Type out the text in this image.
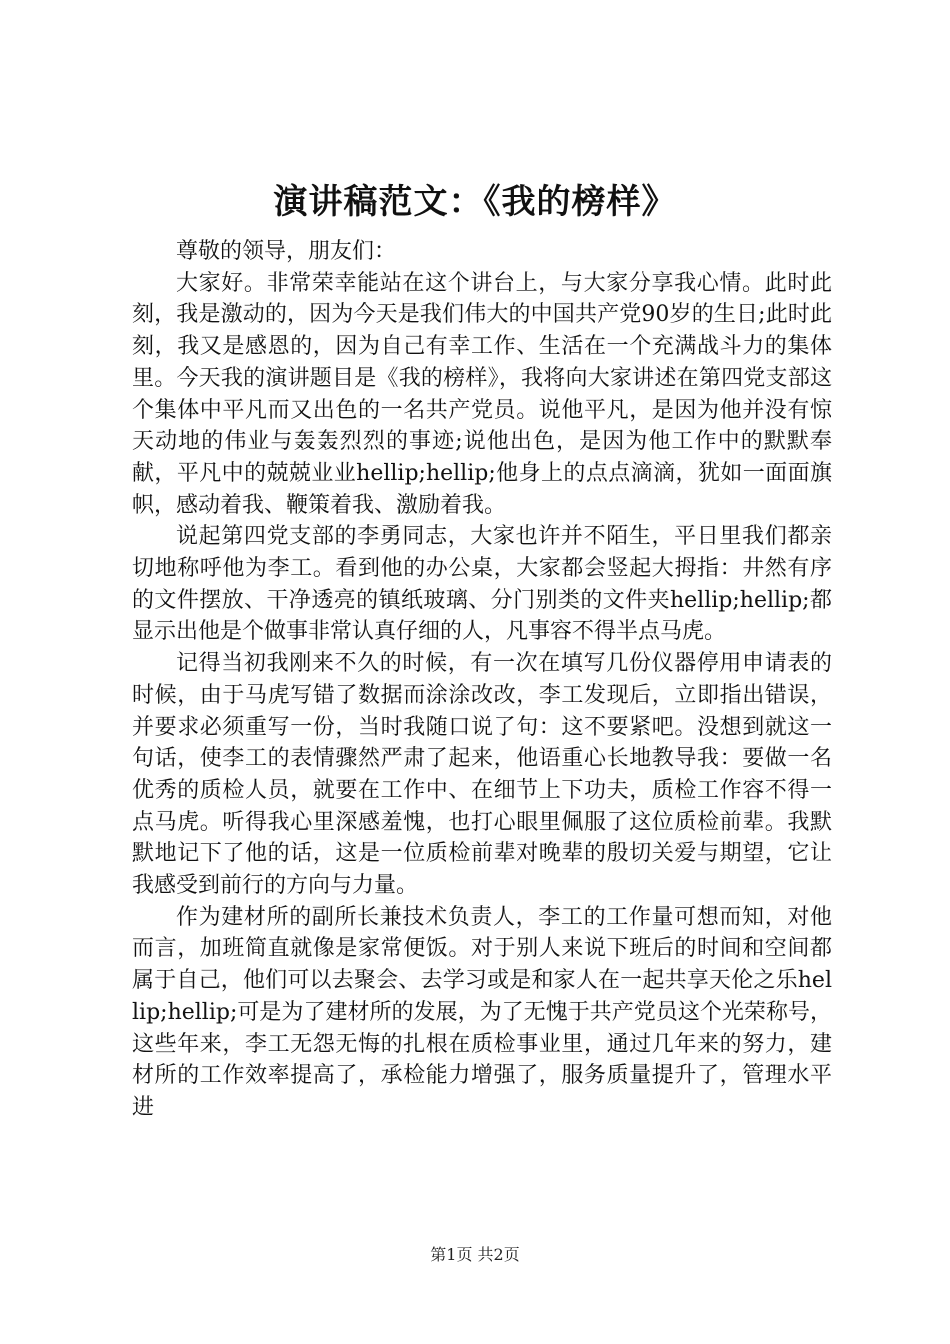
演讲稿范文：《我的榜样》

尊敬的领导，朋友们：

大家好。非常荣幸能站在这个讲台上，与大家分享我心情。此时此刻，我是激动的，因为今天是我们伟大的中国共产党90岁的生日;此时此刻，我又是感恩的，因为自己有幸工作、生活在一个充满战斗力的集体里。今天我的演讲题目是《我的榜样》，我将向大家讲述在第四党支部这个集体中平凡而又出色的一名共产党员。说他平凡，是因为他并没有惊天动地的伟业与轰轰烈烈的事迹;说他出色，是因为他工作中的默默奉献，平凡中的兢兢业业hellip;hellip;他身上的点点滴滴，犹如一面面旗帜，感动着我、鞭策着我、激励着我。

说起第四党支部的李勇同志，大家也许并不陌生，平日里我们都亲切地称呼他为李工。看到他的办公桌，大家都会竖起大拇指：井然有序的文件摆放、干净透亮的镇纸玻璃、分门别类的文件夹hellip;hellip;都显示出他是个做事非常认真仔细的人，凡事容不得半点马虎。

记得当初我刚来不久的时候，有一次在填写几份仪器停用申请表的时候，由于马虎写错了数据而涂涂改改，李工发现后，立即指出错误，并要求必须重写一份，当时我随口说了句：这不要紧吧。没想到就这一句话，使李工的表情骤然严肃了起来，他语重心长地教导我：要做一名优秀的质检人员，就要在工作中、在细节上下功夫，质检工作容不得一点马虎。听得我心里深感羞愧，也打心眼里佩服了这位质检前辈。我默默地记下了他的话，这是一位质检前辈对晚辈的殷切关爱与期望，它让我感受到前行的方向与力量。

作为建材所的副所长兼技术负责人，李工的工作量可想而知，对他而言，加班简直就像是家常便饭。对于别人来说下班后的时间和空间都属于自己，他们可以去聚会、去学习或是和家人在一起共享天伦之乐hellip;hellip;可是为了建材所的发展，为了无愧于共产党员这个光荣称号，这些年来，李工无怨无悔的扎根在质检事业里，通过几年来的努力，建材所的工作效率提高了，承检能力增强了，服务质量提升了，管理水平进

第1页 共2页
